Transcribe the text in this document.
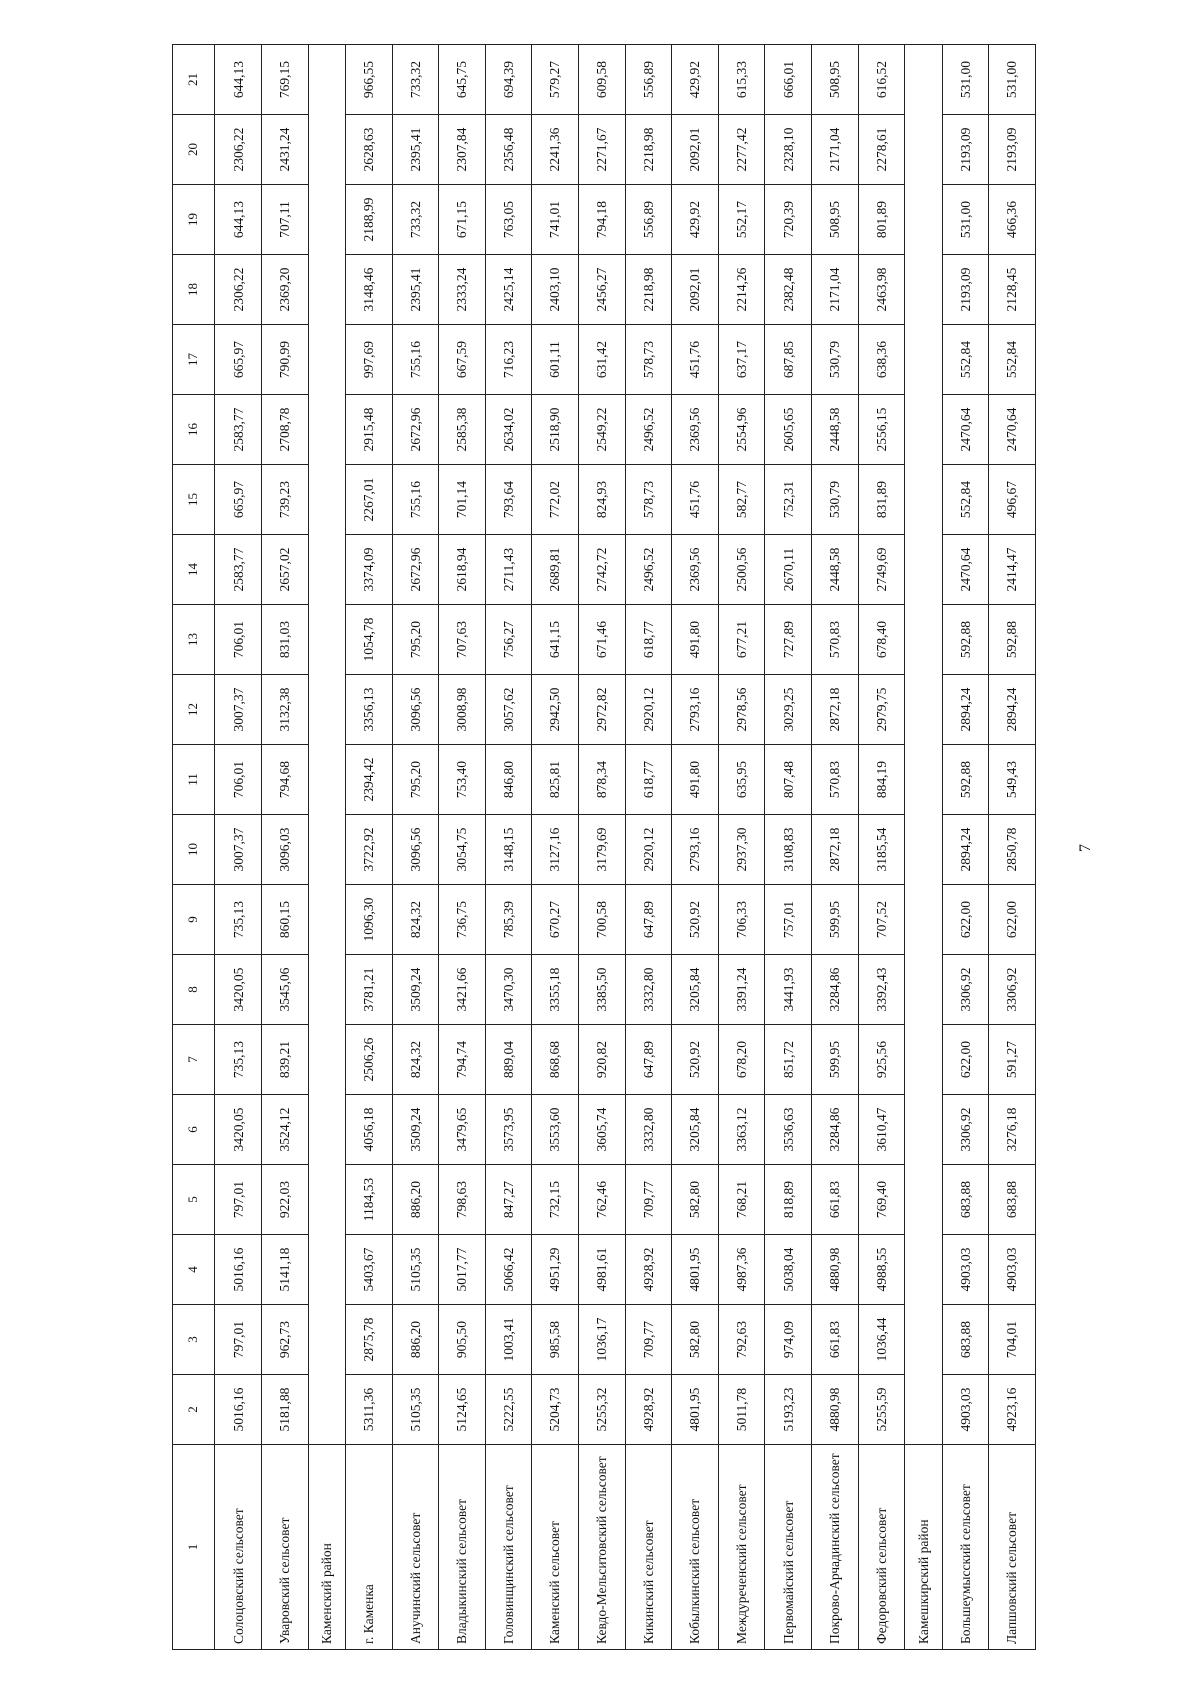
7
1	2	3	4	5	6	7	8	9	10	11	12	13	14	15	16	17	18	19	20	21
Солоцовский сельсовет	5016,16	797,01	5016,16	797,01	3420,05	735,13	3420,05	735,13	3007,37	706,01	3007,37	706,01	2583,77	665,97	2583,77	665,97	2306,22	644,13	2306,22	644,13
Уваровский сельсовет	5181,88	962,73	5141,18	922,03	3524,12	839,21	3545,06	860,15	3096,03	794,68	3132,38	831,03	2657,02	739,23	2708,78	790,99	2369,20	707,11	2431,24	769,15
Каменский район																				
г. Каменка	5311,36	2875,78	5403,67	1184,53	4056,18	2506,26	3781,21	1096,30	3722,92	2394,42	3356,13	1054,78	3374,09	2267,01	2915,48	997,69	3148,46	2188,99	2628,63	966,55
Анучинский сельсовет	5105,35	886,20	5105,35	886,20	3509,24	824,32	3509,24	824,32	3096,56	795,20	3096,56	795,20	2672,96	755,16	2672,96	755,16	2395,41	733,32	2395,41	733,32
Владыкинский сельсовет	5124,65	905,50	5017,77	798,63	3479,65	794,74	3421,66	736,75	3054,75	753,40	3008,98	707,63	2618,94	701,14	2585,38	667,59	2333,24	671,15	2307,84	645,75
Головинщинский сельсовет	5222,55	1003,41	5066,42	847,27	3573,95	889,04	3470,30	785,39	3148,15	846,80	3057,62	756,27	2711,43	793,64	2634,02	716,23	2425,14	763,05	2356,48	694,39
Каменский сельсовет	5204,73	985,58	4951,29	732,15	3553,60	868,68	3355,18	670,27	3127,16	825,81	2942,50	641,15	2689,81	772,02	2518,90	601,11	2403,10	741,01	2241,36	579,27
Кевдо-Мельситовский сельсовет	5255,32	1036,17	4981,61	762,46	3605,74	920,82	3385,50	700,58	3179,69	878,34	2972,82	671,46	2742,72	824,93	2549,22	631,42	2456,27	794,18	2271,67	609,58
Кикинский сельсовет	4928,92	709,77	4928,92	709,77	3332,80	647,89	3332,80	647,89	2920,12	618,77	2920,12	618,77	2496,52	578,73	2496,52	578,73	2218,98	556,89	2218,98	556,89
Кобылкинский сельсовет	4801,95	582,80	4801,95	582,80	3205,84	520,92	3205,84	520,92	2793,16	491,80	2793,16	491,80	2369,56	451,76	2369,56	451,76	2092,01	429,92	2092,01	429,92
Междуреченский сельсовет	5011,78	792,63	4987,36	768,21	3363,12	678,20	3391,24	706,33	2937,30	635,95	2978,56	677,21	2500,56	582,77	2554,96	637,17	2214,26	552,17	2277,42	615,33
Первомайский сельсовет	5193,23	974,09	5038,04	818,89	3536,63	851,72	3441,93	757,01	3108,83	807,48	3029,25	727,89	2670,11	752,31	2605,65	687,85	2382,48	720,39	2328,10	666,01
Покрово-Арчадинский сельсовет	4880,98	661,83	4880,98	661,83	3284,86	599,95	3284,86	599,95	2872,18	570,83	2872,18	570,83	2448,58	530,79	2448,58	530,79	2171,04	508,95	2171,04	508,95
Федоровский сельсовет	5255,59	1036,44	4988,55	769,40	3610,47	925,56	3392,43	707,52	3185,54	884,19	2979,75	678,40	2749,69	831,89	2556,15	638,36	2463,98	801,89	2278,61	616,52
Камешкирский район																				
Большеумысский сельсовет	4903,03	683,88	4903,03	683,88	3306,92	622,00	3306,92	622,00	2894,24	592,88	2894,24	592,88	2470,64	552,84	2470,64	552,84	2193,09	531,00	2193,09	531,00
Лапшовский сельсовет	4923,16	704,01	4903,03	683,88	3276,18	591,27	3306,92	622,00	2850,78	549,43	2894,24	592,88	2414,47	496,67	2470,64	552,84	2128,45	466,36	2193,09	531,00
